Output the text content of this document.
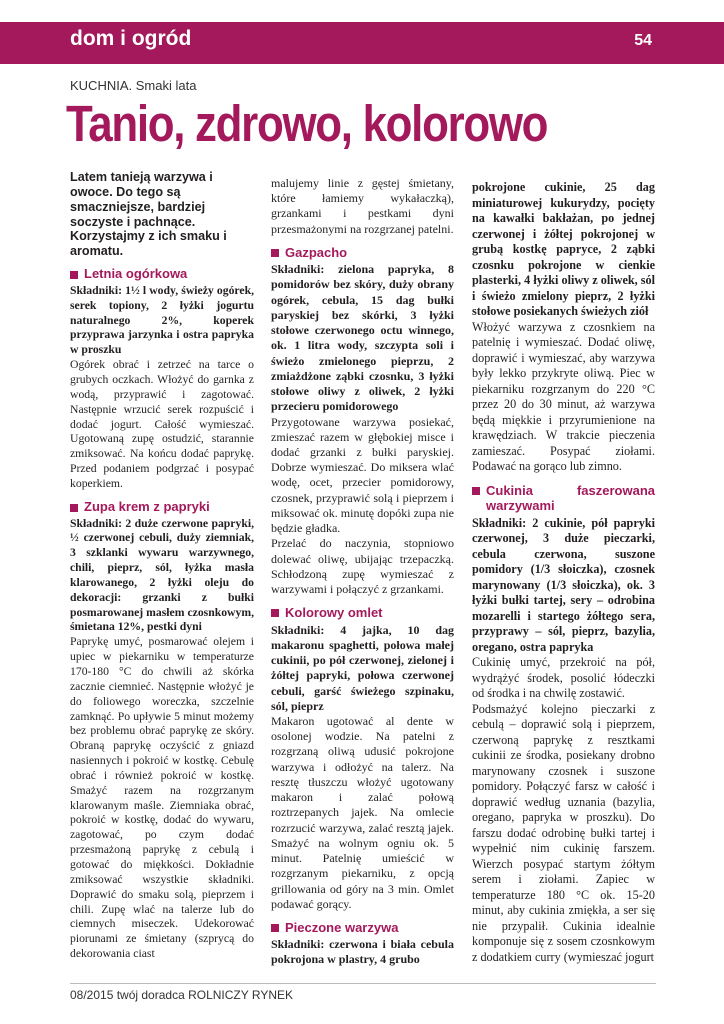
dom i ogród	54
KUCHNIA. Smaki lata
Tanio, zdrowo, kolorowo

Latem tanieją warzywa i owoce. Do tego są smaczniejsze, bardziej soczyste i pachnące. Korzystajmy z ich smaku i aromatu.

Letnia ogórkowa

Składniki: 1½ l wody, świeży ogórek, serek topiony, 2 łyżki jogurtu naturalnego 2%, koperek przyprawa jarzynka i ostra papryka w proszku

Ogórek obrać i zetrzeć na tarce o grubych oczkach. Włożyć do garnka z wodą, przyprawić i zagotować. Następnie wrzucić serek rozpuścić i dodać jogurt. Całość wymieszać. Ugotowaną zupę ostudzić, starannie zmiksować. Na końcu dodać paprykę. Przed podaniem podgrzać i posypać koperkiem.

Zupa krem z papryki

Składniki: 2 duże czerwone papryki, ½ czerwonej cebuli, duży ziemniak, 3 szklanki wywaru warzywnego, chili, pieprz, sól, łyżka masła klarowanego, 2 łyżki oleju do dekoracji: grzanki z bułki posmarowanej masłem czosnkowym, śmietana 12%, pestki dyni

Paprykę umyć, posmarować olejem i upiec w piekarniku w temperaturze 170-180 °C do chwili aż skórka zacznie ciemnieć. Następnie włożyć je do foliowego woreczka, szczelnie zamknąć. Po upływie 5 minut możemy bez problemu obrać paprykę ze skóry. Obraną paprykę oczyścić z gniazd nasiennych i pokroić w kostkę. Cebulę obrać i również pokroić w kostkę. Smażyć razem na rozgrzanym klarowanym maśle. Ziemniaka obrać, pokroić w kostkę, dodać do wywaru, zagotować, po czym dodać przesmażoną paprykę z cebulą i gotować do miękkości. Dokładnie zmiksować wszystkie składniki. Doprawić do smaku solą, pieprzem i chili. Zupę wlać na talerze lub do ciemnych miseczek. Udekorować piorunami ze śmietany (szprycą do dekorowania ciast

malujemy linie z gęstej śmietany, które łamiemy wykałaczką), grzankami i pestkami dyni przesmażonymi na rozgrzanej patelni.

Gazpacho

Składniki: zielona papryka, 8 pomidorów bez skóry, duży obrany ogórek, cebula, 15 dag bułki paryskiej bez skórki, 3 łyżki stołowe czerwonego octu winnego, ok. 1 litra wody, szczypta soli i świeżo zmielonego pieprzu, 2 zmiażdżone ząbki czosnku, 3 łyżki stołowe oliwy z oliwek, 2 łyżki przecieru pomidorowego

Przygotowane warzywa posiekać, zmieszać razem w głębokiej misce i dodać grzanki z bułki paryskiej. Dobrze wymieszać. Do miksera wlać wodę, ocet, przecier pomidorowy, czosnek, przyprawić solą i pieprzem i miksować ok. minutę dopóki zupa nie będzie gładka.

Przelać do naczynia, stopniowo dolewać oliwę, ubijając trzepaczką. Schłodzoną zupę wymieszać z warzywami i połączyć z grzankami.

Kolorowy omlet

Składniki: 4 jajka, 10 dag makaronu spaghetti, połowa małej cukinii, po pół czerwonej, zielonej i żółtej papryki, połowa czerwonej cebuli, garść świeżego szpinaku, sól, pieprz

Makaron ugotować al dente w osolonej wodzie. Na patelni z rozgrzaną oliwą udusić pokrojone warzywa i odłożyć na talerz. Na resztę tłuszczu włożyć ugotowany makaron i zalać połową roztrzepanych jajek. Na omlecie rozrzucić warzywa, zalać resztą jajek. Smażyć na wolnym ogniu ok. 5 minut. Patelnię umieścić w rozgrzanym piekarniku, z opcją grillowania od góry na 3 min. Omlet podawać gorący.

Pieczone warzywa

Składniki: czerwona i biała cebula pokrojona w plastry, 4 grubo

pokrojone cukinie, 25 dag miniaturowej kukurydzy, pocięty na kawałki bakłażan, po jednej czerwonej i żółtej pokrojonej w grubą kostkę papryce, 2 ząbki czosnku pokrojone w cienkie plasterki, 4 łyżki oliwy z oliwek, sól i świeżo zmielony pieprz, 2 łyżki stołowe posiekanych świeżych ziół

Włożyć warzywa z czosnkiem na patelnię i wymieszać. Dodać oliwę, doprawić i wymieszać, aby warzywa były lekko przykryte oliwą. Piec w piekarniku rozgrzanym do 220 °C przez 20 do 30 minut, aż warzywa będą miękkie i przyrumienione na krawędziach. W trakcie pieczenia zamieszać. Posypać ziołami. Podawać na gorąco lub zimno.

Cukinia faszerowana warzywami

Składniki: 2 cukinie, pół papryki czerwonej, 3 duże pieczarki, cebula czerwona, suszone pomidory (1/3 słoiczka), czosnek marynowany (1/3 słoiczka), ok. 3 łyżki bułki tartej, sery – odrobina mozarelli i startego żółtego sera, przyprawy – sól, pieprz, bazylia, oregano, ostra papryka

Cukinię umyć, przekroić na pół, wydrążyć środek, posolić łódeczki od środka i na chwilę zostawić.

Podsmażyć kolejno pieczarki z cebulą – doprawić solą i pieprzem, czerwoną paprykę z resztkami cukinii ze środka, posiekany drobno marynowany czosnek i suszone pomidory. Połączyć farsz w całość i doprawić według uznania (bazylia, oregano, papryka w proszku). Do farszu dodać odrobinę bułki tartej i wypełnić nim cukinię farszem. Wierzch posypać startym żółtym serem i ziołami. Zapiec w temperaturze 180 °C ok. 15-20 minut, aby cukinia zmiękła, a ser się nie przypalił. Cukinia idealnie komponuje się z sosem czosnkowym z dodatkiem curry (wymieszać jogurt

08/2015 twój doradca ROLNICZY RYNEK
